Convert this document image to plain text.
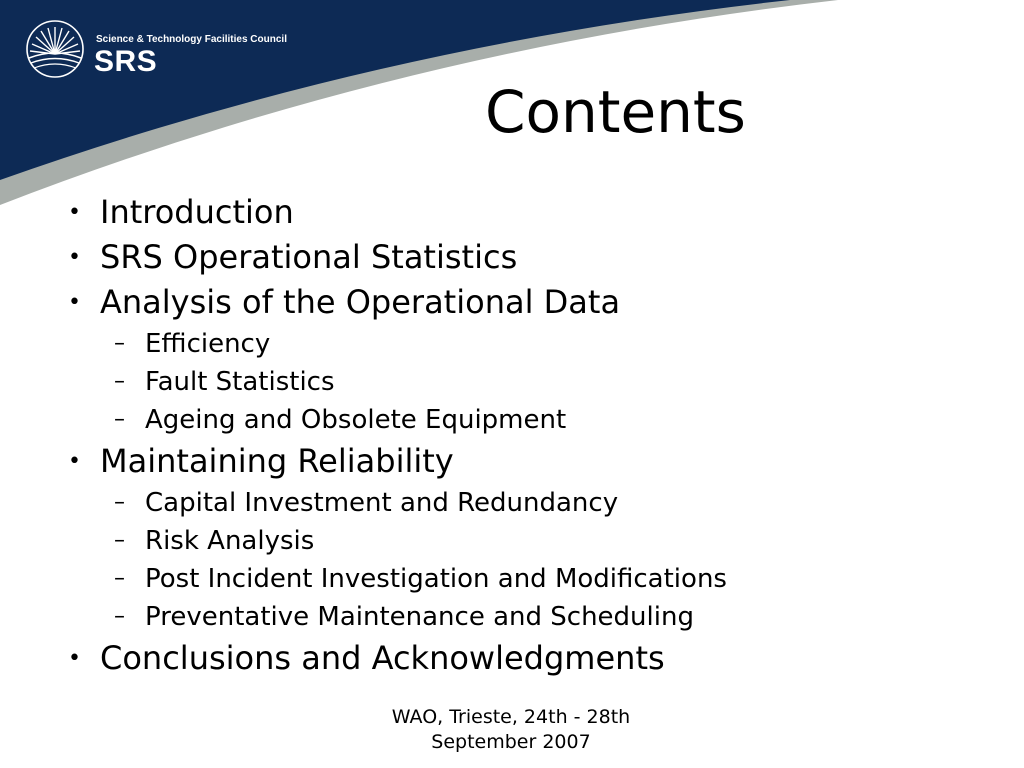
Science & Technology Facilities Council
SRS
Contents
• Introduction
• SRS Operational Statistics
• Analysis of the Operational Data
– Efficiency
– Fault Statistics
– Ageing and Obsolete Equipment
• Maintaining Reliability
– Capital Investment and Redundancy
– Risk Analysis
– Post Incident Investigation and Modifications
– Preventative Maintenance and Scheduling
• Conclusions and Acknowledgments
WAO, Trieste, 24th - 28th
September 2007
